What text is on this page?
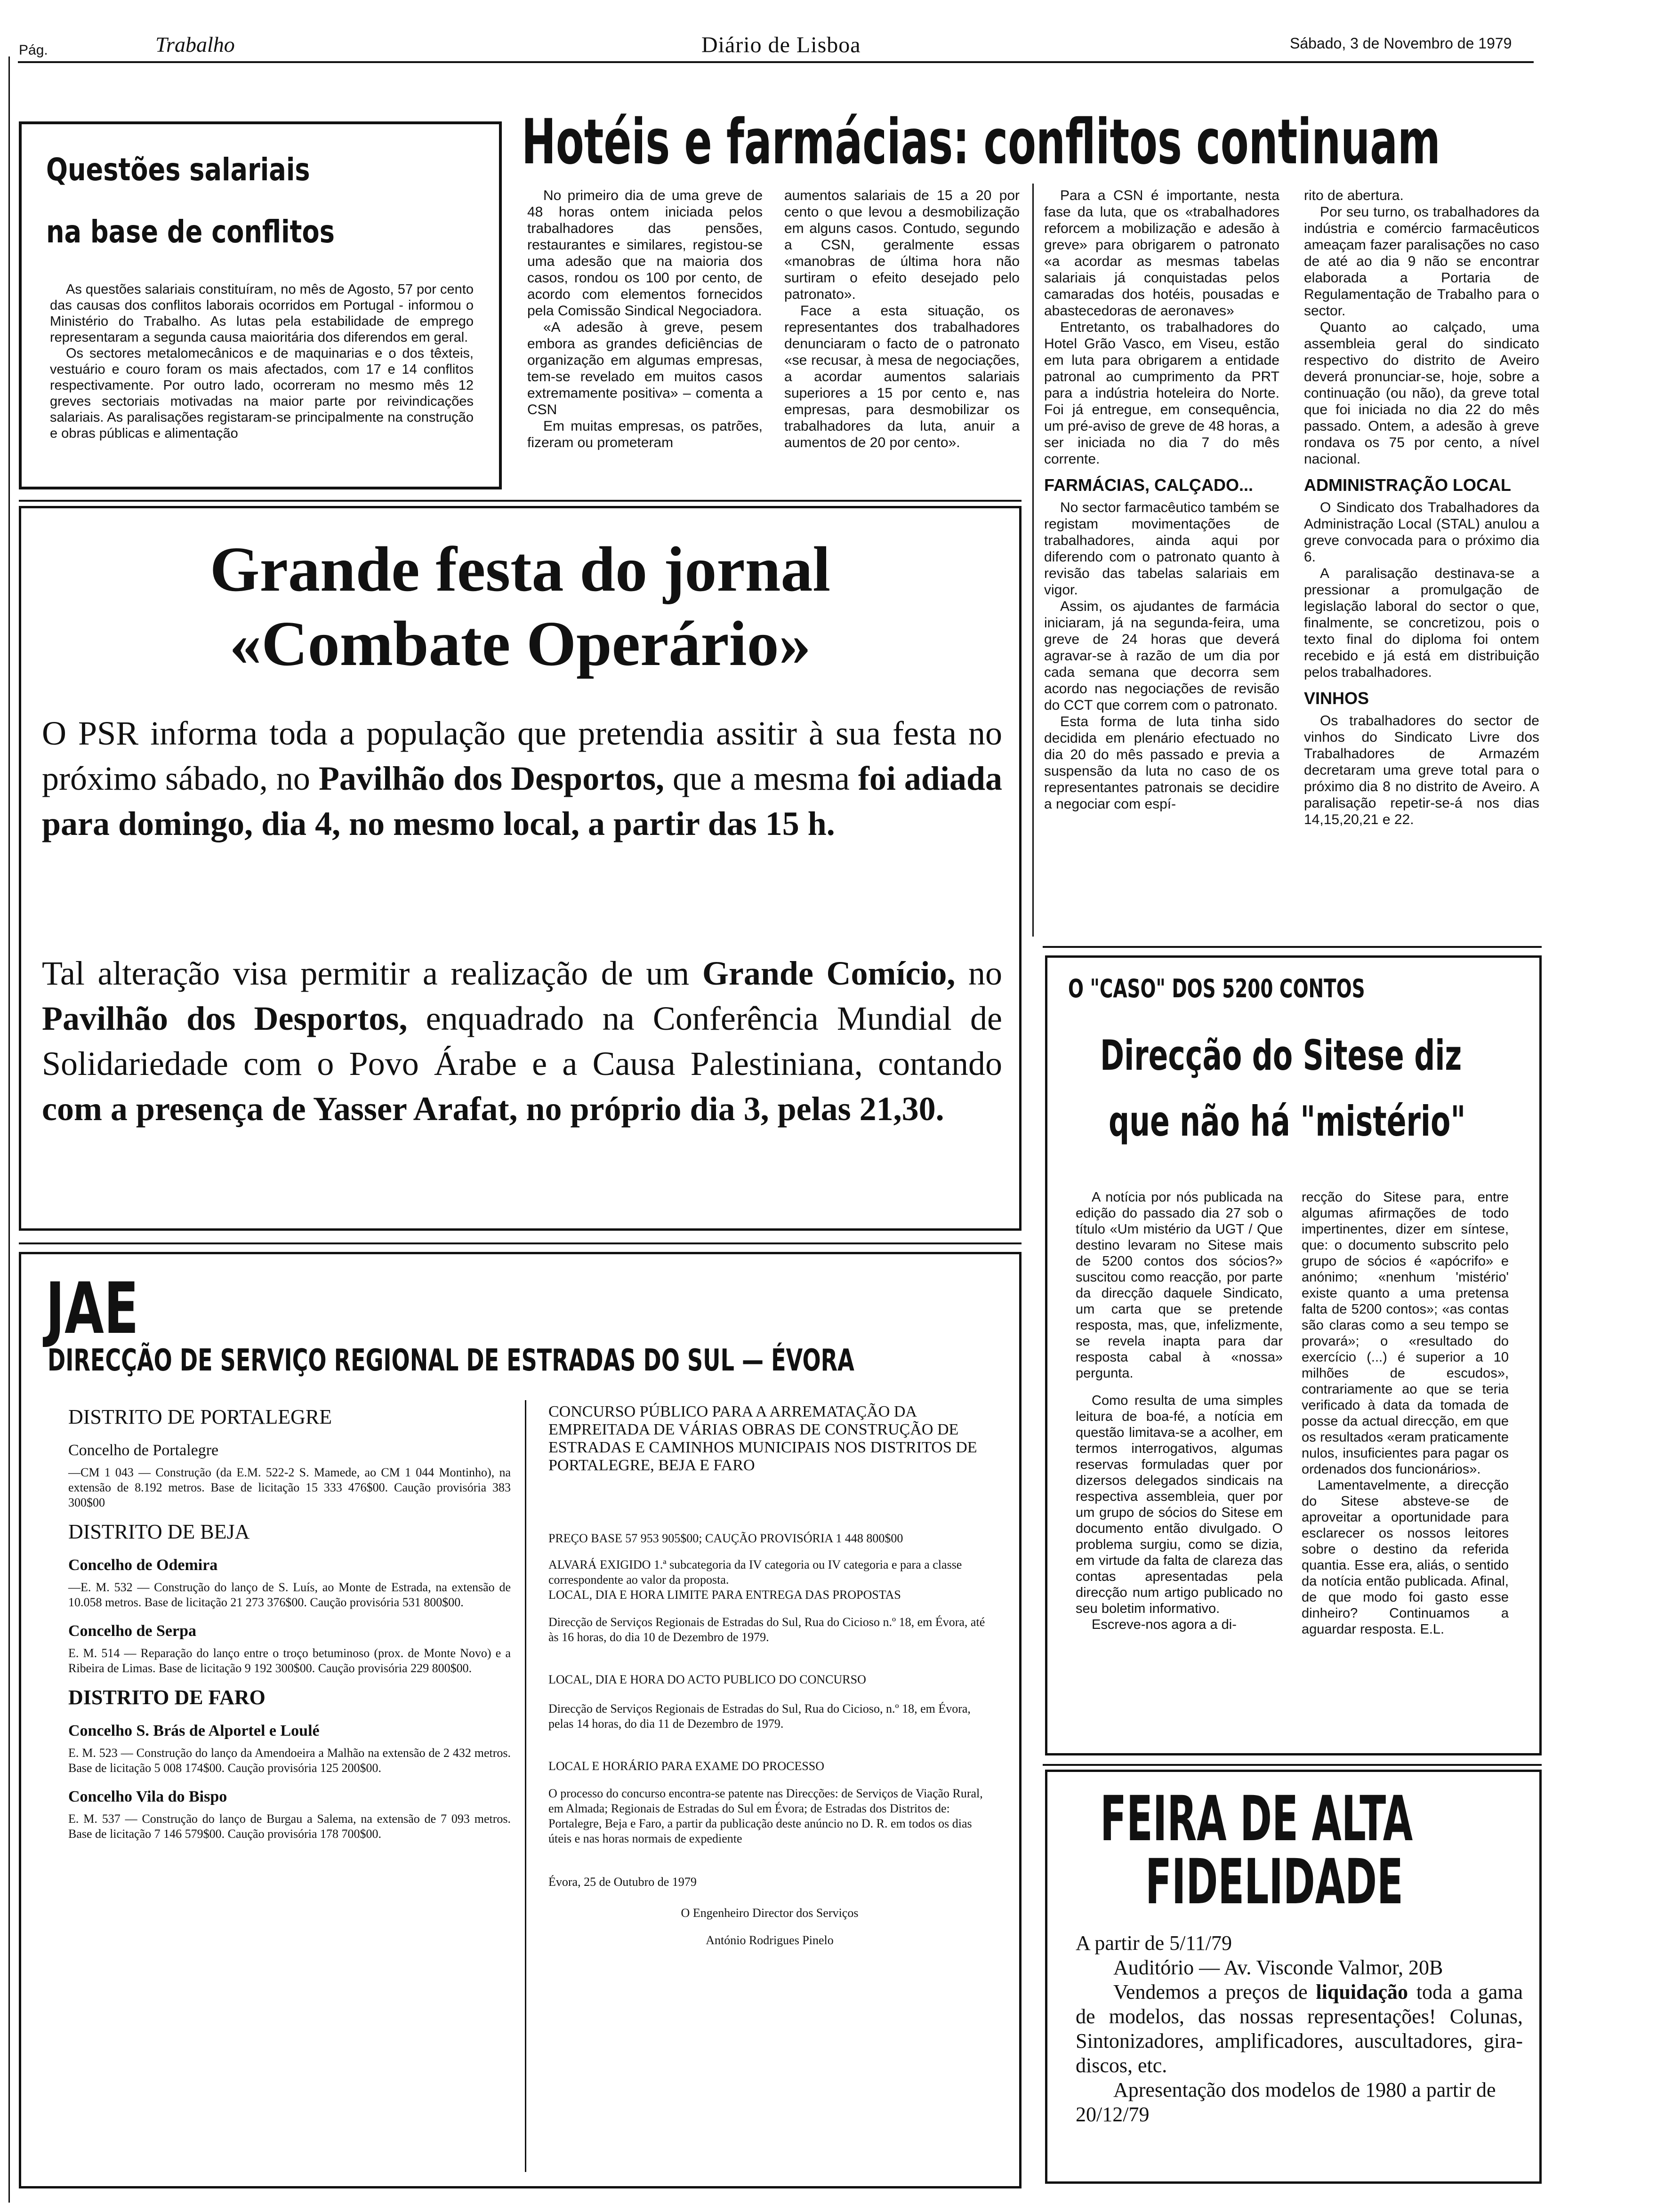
Pág.	Trabalho	Diário de Lisboa	Sábado, 3 de Novembro de 1979
Questões salariais
na base de conflitos

As questões salariais constituíram, no mês de Agosto, 57 por cento das causas dos conflitos laborais ocorridos em Portugal - informou o Ministério do Trabalho. As lutas pela estabilidade de emprego representaram a segunda causa maioritária dos diferendos em geral.

Os sectores metalomecânicos e de maquinarias e o dos têxteis, vestuário e couro foram os mais afectados, com 17 e 14 conflitos respectivamente. Por outro lado, ocorreram no mesmo mês 12 greves sectoriais motivadas na maior parte por reivindicações salariais. As paralisações registaram-se principalmente na construção e obras públicas e alimentação

Hotéis e farmácias: conflitos continuam

No primeiro dia de uma greve de 48 horas ontem iniciada pelos trabalhadores das pensões, restaurantes e similares, registou-se uma adesão que na maioria dos casos, rondou os 100 por cento, de acordo com elementos fornecidos pela Comissão Sindical Negociadora.

«A adesão à greve, pesem embora as grandes deficiências de organização em algumas empresas, tem-se revelado em muitos casos extremamente positiva» – comenta a CSN

Em muitas empresas, os patrões, fizeram ou prometeram

aumentos salariais de 15 a 20 por cento o que levou a desmobilização em alguns casos. Contudo, segundo a CSN, geralmente essas «manobras de última hora não surtiram o efeito desejado pelo patronato».

Face a esta situação, os representantes dos trabalhadores denunciaram o facto de o patronato «se recusar, à mesa de negociações, a acordar aumentos salariais superiores a 15 por cento e, nas empresas, para desmobilizar os trabalhadores da luta, anuir a aumentos de 20 por cento».

Para a CSN é importante, nesta fase da luta, que os «trabalhadores reforcem a mobilização e adesão à greve» para obrigarem o patronato «a acordar as mesmas tabelas salariais já conquistadas pelos camaradas dos hotéis, pousadas e abastecedoras de aeronaves»

Entretanto, os trabalhadores do Hotel Grão Vasco, em Viseu, estão em luta para obrigarem a entidade patronal ao cumprimento da PRT para a indústria hoteleira do Norte. Foi já entregue, em consequência, um pré-aviso de greve de 48 horas, a ser iniciada no dia 7 do mês corrente.

FARMÁCIAS, CALÇADO...

No sector farmacêutico também se registam movimentações de trabalhadores, ainda aqui por diferendo com o patronato quanto à revisão das tabelas salariais em vigor.

Assim, os ajudantes de farmácia iniciaram, já na segunda-feira, uma greve de 24 horas que deverá agravar-se à razão de um dia por cada semana que decorra sem acordo nas negociações de revisão do CCT que correm com o patronato.

Esta forma de luta tinha sido decidida em plenário efectuado no dia 20 do mês passado e previa a suspensão da luta no caso de os representantes patronais se decidire a negociar com espí-

rito de abertura.

Por seu turno, os trabalhadores da indústria e comércio farmacêuticos ameaçam fazer paralisações no caso de até ao dia 9 não se encontrar elaborada a Portaria de Regulamentação de Trabalho para o sector.

Quanto ao calçado, uma assembleia geral do sindicato respectivo do distrito de Aveiro deverá pronunciar-se, hoje, sobre a continuação (ou não), da greve total que foi iniciada no dia 22 do mês passado. Ontem, a adesão à greve rondava os 75 por cento, a nível nacional.

ADMINISTRAÇÃO LOCAL

O Sindicato dos Trabalhadores da Administração Local (STAL) anulou a greve convocada para o próximo dia 6.

A paralisação destinava-se a pressionar a promulgação de legislação laboral do sector o que, finalmente, se concretizou, pois o texto final do diploma foi ontem recebido e já está em distribuição pelos trabalhadores.

VINHOS

Os trabalhadores do sector de vinhos do Sindicato Livre dos Trabalhadores de Armazém decretaram uma greve total para o próximo dia 8 no distrito de Aveiro. A paralisação repetir-se-á nos dias 14,15,20,21 e 22.

Grande festa do jornal
«Combate Operário»
O PSR informa toda a população que pretendia assitir à sua festa no próximo sábado, no Pavilhão dos Desportos, que a mesma foi adiada para domingo, dia 4, no mesmo local, a partir das 15 h.
Tal alteração visa permitir a realização de um Grande Comício, no Pavilhão dos Desportos, enquadrado na Conferência Mundial de Solidariedade com o Povo Árabe e a Causa Palestiniana, contando com a presença de Yasser Arafat, no próprio dia 3, pelas 21,30.
JAE
DIRECÇÃO DE SERVIÇO REGIONAL DE ESTRADAS DO SUL — ÉVORA
DISTRITO DE PORTALEGRE
Concelho de Portalegre

—CM 1 043 — Construção (da E.M. 522-2 S. Mamede, ao CM 1 044 Montinho), na extensão de 8.192 metros. Base de licitação 15 333 476$00. Caução provisória 383 300$00

DISTRITO DE BEJA
Concelho de Odemira

—E. M. 532 — Construção do lanço de S. Luís, ao Monte de Estrada, na extensão de 10.058 metros. Base de licitação 21 273 376$00. Caução provisória 531 800$00.

Concelho de Serpa

E. M. 514 — Reparação do lanço entre o troço betuminoso (prox. de Monte Novo) e a Ribeira de Limas. Base de licitação 9 192 300$00. Caução provisória 229 800$00.

DISTRITO DE FARO
Concelho S. Brás de Alportel e Loulé

E. M. 523 — Construção do lanço da Amendoeira a Malhão na extensão de 2 432 metros. Base de licitação 5 008 174$00. Caução provisória 125 200$00.

Concelho Vila do Bispo

E. M. 537 — Construção do lanço de Burgau a Salema, na extensão de 7 093 metros. Base de licitação 7 146 579$00. Caução provisória 178 700$00.

CONCURSO PÚBLICO PARA A ARREMATAÇÃO DA EMPREITADA DE VÁRIAS OBRAS DE CONSTRUÇÃO DE ESTRADAS E CAMINHOS MUNICIPAIS NOS DISTRITOS DE PORTALEGRE, BEJA E FARO

PREÇO BASE 57 953 905$00; CAUÇÃO PROVISÓRIA 1 448 800$00

ALVARÁ EXIGIDO 1.ª subcategoria da IV categoria ou IV categoria e para a classe correspondente ao valor da proposta.

LOCAL, DIA E HORA LIMITE PARA ENTREGA DAS PROPOSTAS

Direcção de Serviços Regionais de Estradas do Sul, Rua do Cicioso n.º 18, em Évora, até às 16 horas, do dia 10 de Dezembro de 1979.

LOCAL, DIA E HORA DO ACTO PUBLICO DO CONCURSO

Direcção de Serviços Regionais de Estradas do Sul, Rua do Cicioso, n.º 18, em Évora, pelas 14 horas, do dia 11 de Dezembro de 1979.

LOCAL E HORÁRIO PARA EXAME DO PROCESSO

O processo do concurso encontra-se patente nas Direcções: de Serviços de Viação Rural, em Almada; Regionais de Estradas do Sul em Évora; de Estradas dos Distritos de: Portalegre, Beja e Faro, a partir da publicação deste anúncio no D. R. em todos os dias úteis e nas horas normais de expediente

Évora, 25 de Outubro de 1979

O Engenheiro Director dos Serviços

António Rodrigues Pinelo

O "CASO" DOS 5200 CONTOS
Direcção do Sitese diz
que não há "mistério"

A notícia por nós publicada na edição do passado dia 27 sob o título «Um mistério da UGT / Que destino levaram no Sitese mais de 5200 contos dos sócios?» suscitou como reacção, por parte da direcção daquele Sindicato, um carta que se pretende resposta, mas, que, infelizmente, se revela inapta para dar resposta cabal à «nossa» pergunta.

Como resulta de uma simples leitura de boa-fé, a notícia em questão limitava-se a acolher, em termos interrogativos, algumas reservas formuladas quer por dizersos delegados sindicais na respectiva assembleia, quer por um grupo de sócios do Sitese em documento então divulgado. O problema surgiu, como se dizia, em virtude da falta de clareza das contas apresentadas pela direcção num artigo publicado no seu boletim informativo.

Escreve-nos agora a di-

recção do Sitese para, entre algumas afirmações de todo impertinentes, dizer em síntese, que: o documento subscrito pelo grupo de sócios é «apócrifo» e anónimo; «nenhum 'mistério' existe quanto a uma pretensa falta de 5200 contos»; «as contas são claras como a seu tempo se provará»; o «resultado do exercício (...) é superior a 10 milhões de escudos», contrariamente ao que se teria verificado à data da tomada de posse da actual direcção, em que os resultados «eram praticamente nulos, insuficientes para pagar os ordenados dos funcionários».

Lamentavelmente, a direcção do Sitese absteve-se de aproveitar a oportunidade para esclarecer os nossos leitores sobre o destino da referida quantia. Esse era, aliás, o sentido da notícia então publicada. Afinal, de que modo foi gasto esse dinheiro? Continuamos a aguardar resposta. E.L.

FEIRA DE ALTA
FIDELIDADE

A partir de 5/11/79

Auditório — Av. Visconde Valmor, 20B

Vendemos a preços de liquidação toda a gama de modelos, das nossas representações! Colunas, Sintonizadores, amplificadores, auscultadores, gira-discos, etc.

Apresentação dos modelos de 1980 a partir de 20/12/79
